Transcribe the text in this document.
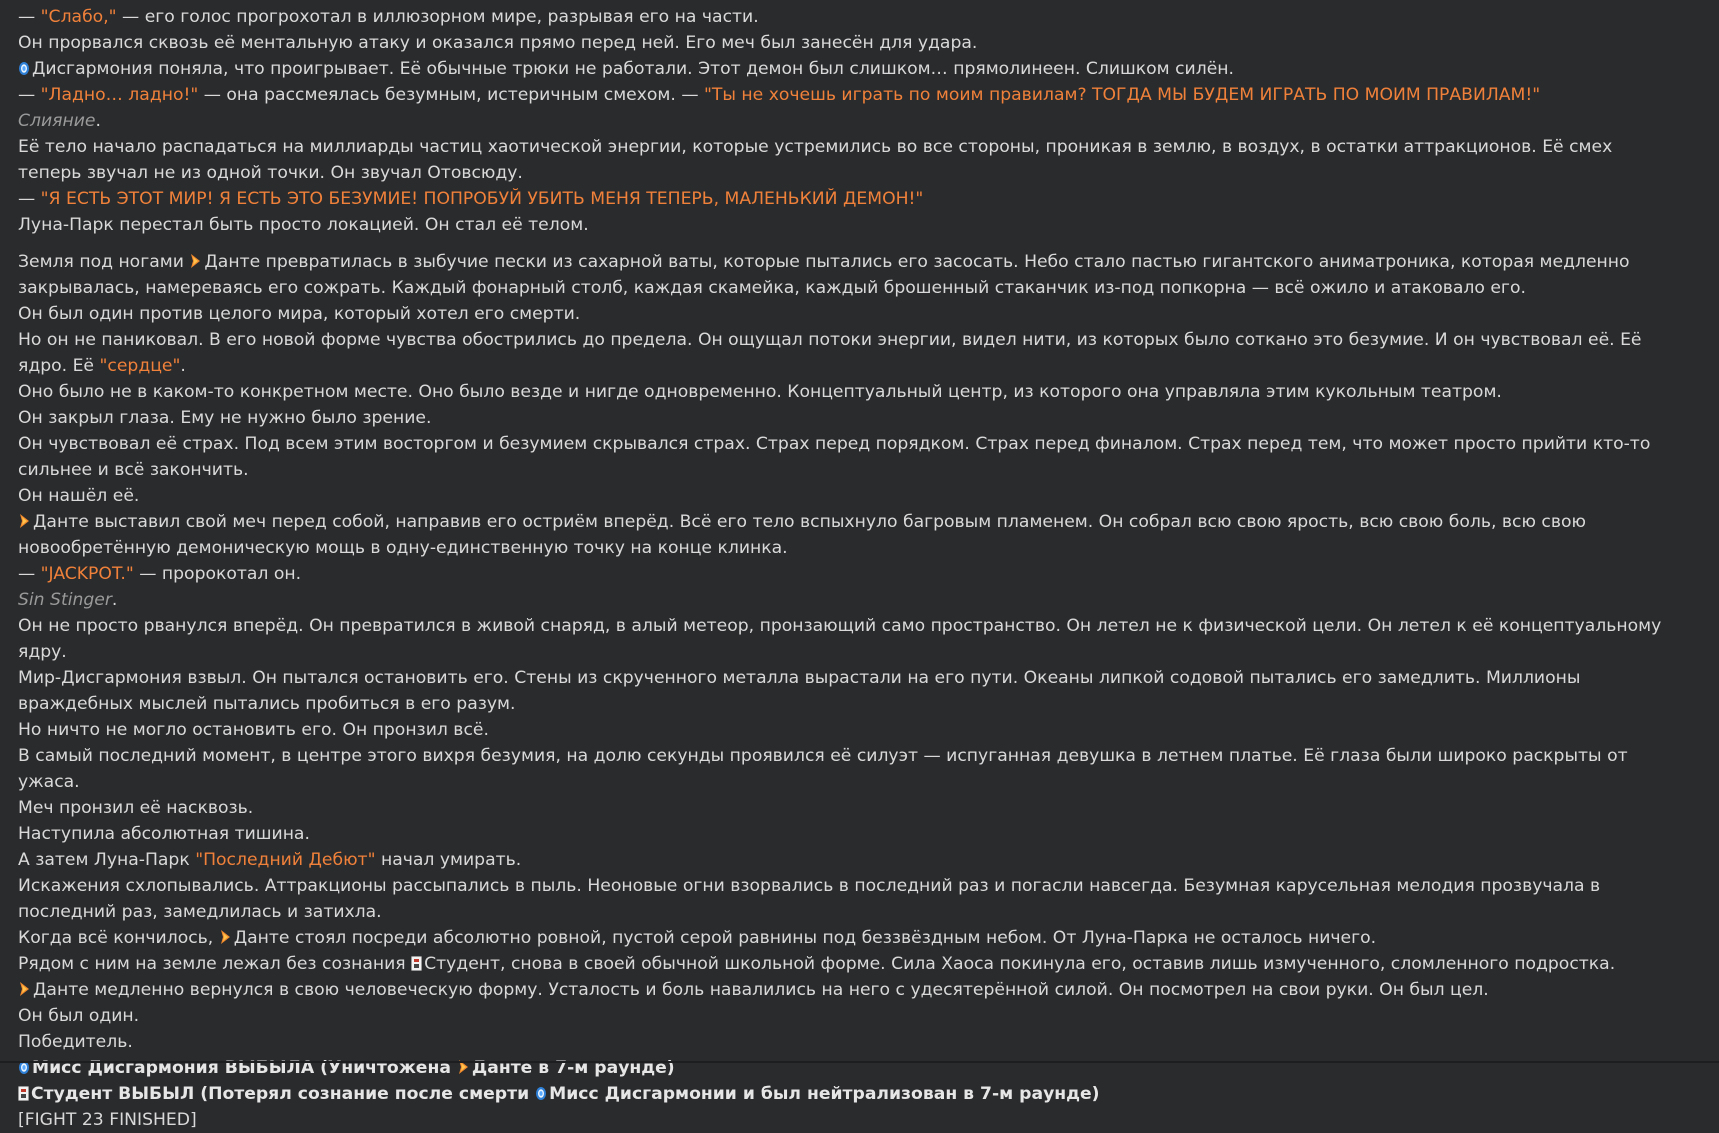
— "Слабо," — его голос прогрохотал в иллюзорном мире, разрывая его на части.

Он прорвался сквозь её ментальную атаку и оказался прямо перед ней. Его меч был занесён для удара.

Дисгармония поняла, что проигрывает. Её обычные трюки не работали. Этот демон был слишком… прямолинеен. Слишком силён.

— "Ладно… ладно!" — она рассмеялась безумным, истеричным смехом. — "Ты не хочешь играть по моим правилам? ТОГДА МЫ БУДЕМ ИГРАТЬ ПО МОИМ ПРАВИЛАМ!"

Слияние.

Её тело начало распадаться на миллиарды частиц хаотической энергии, которые устремились во все стороны, проникая в землю, в воздух, в остатки аттракционов. Её смех теперь звучал не из одной точки. Он звучал Отовсюду.

— "Я ЕСТЬ ЭТОТ МИР! Я ЕСТЬ ЭТО БЕЗУМИЕ! ПОПРОБУЙ УБИТЬ МЕНЯ ТЕПЕРЬ, МАЛЕНЬКИЙ ДЕМОН!"

Луна-Парк перестал быть просто локацией. Он стал её телом.

Земля под ногами Данте превратилась в зыбучие пески из сахарной ваты, которые пытались его засосать. Небо стало пастью гигантского аниматроника, которая медленно закрывалась, намереваясь его сожрать. Каждый фонарный столб, каждая скамейка, каждый брошенный стаканчик из-под попкорна — всё ожило и атаковало его.

Он был один против целого мира, который хотел его смерти.

Но он не паниковал. В его новой форме чувства обострились до предела. Он ощущал потоки энергии, видел нити, из которых было соткано это безумие. И он чувствовал её. Её ядро. Её "сердце".

Оно было не в каком-то конкретном месте. Оно было везде и нигде одновременно. Концептуальный центр, из которого она управляла этим кукольным театром.

Он закрыл глаза. Ему не нужно было зрение.

Он чувствовал её страх. Под всем этим восторгом и безумием скрывался страх. Страх перед порядком. Страх перед финалом. Страх перед тем, что может просто прийти кто-то сильнее и всё закончить.

Он нашёл её.

Данте выставил свой меч перед собой, направив его остриём вперёд. Всё его тело вспыхнуло багровым пламенем. Он собрал всю свою ярость, всю свою боль, всю свою новообретённую демоническую мощь в одну-единственную точку на конце клинка.

— "JACKPOT." — пророкотал он.

Sin Stinger.

Он не просто рванулся вперёд. Он превратился в живой снаряд, в алый метеор, пронзающий само пространство. Он летел не к физической цели. Он летел к её концептуальному ядру.

Мир-Дисгармония взвыл. Он пытался остановить его. Стены из скрученного металла вырастали на его пути. Океаны липкой содовой пытались его замедлить. Миллионы враждебных мыслей пытались пробиться в его разум.

Но ничто не могло остановить его. Он пронзил всё.

В самый последний момент, в центре этого вихря безумия, на долю секунды проявился её силуэт — испуганная девушка в летнем платье. Её глаза были широко раскрыты от ужаса.

Меч пронзил её насквозь.

Наступила абсолютная тишина.

А затем Луна-Парк "Последний Дебют" начал умирать.

Искажения схлопывались. Аттракционы рассыпались в пыль. Неоновые огни взорвались в последний раз и погасли навсегда. Безумная карусельная мелодия прозвучала в последний раз, замедлилась и затихла.

Когда всё кончилось, Данте стоял посреди абсолютно ровной, пустой серой равнины под беззвёздным небом. От Луна-Парка не осталось ничего.

Рядом с ним на земле лежал без сознания Студент, снова в своей обычной школьной форме. Сила Хаоса покинула его, оставив лишь измученного, сломленного подростка.

Данте медленно вернулся в свою человеческую форму. Усталость и боль навалились на него с удесятерённой силой. Он посмотрел на свои руки. Он был цел.

Он был один.

Победитель.

Мисс Дисгармония ВЫБЫЛА (Уничтожена Данте в 7-м раунде)

Студент ВЫБЫЛ (Потерял сознание после смерти Мисс Дисгармонии и был нейтрализован в 7-м раунде)

[FIGHT 23 FINISHED]
